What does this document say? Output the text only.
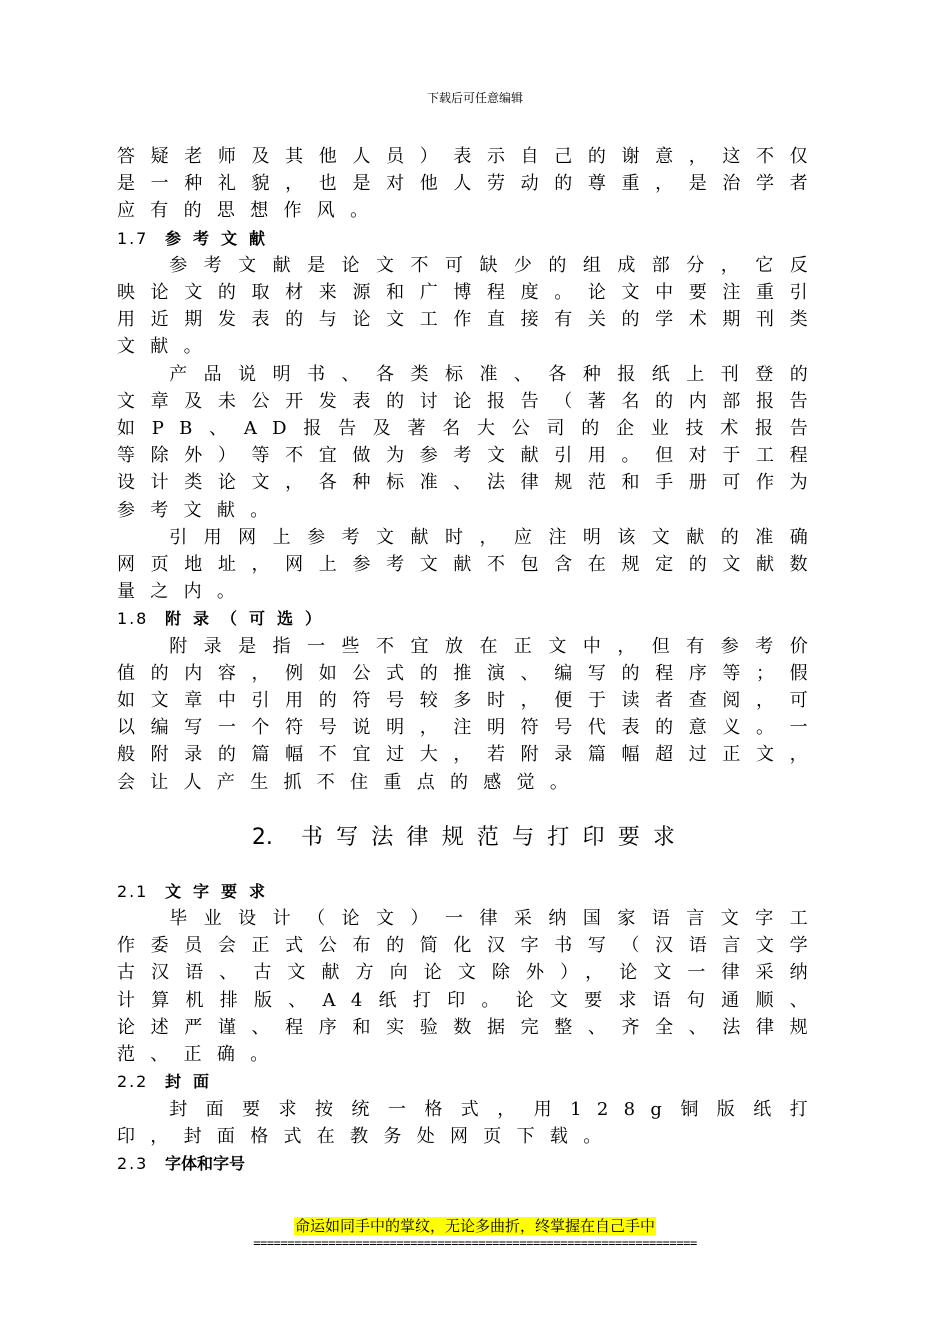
下载后可任意编辑

答疑老师及其他人员）表示自己的谢意，这不仅是一种礼貌，也是对他人劳动的尊重，是治学者应有的思想作风。

1.7 参考文献

参考文献是论文不可缺少的组成部分，它反映论文的取材来源和广博程度。论文中要注重引用近期发表的与论文工作直接有关的学术期刊类文献。

产品说明书、各类标准、各种报纸上刊登的文章及未公开发表的讨论报告（著名的内部报告如PB、AD报告及著名大公司的企业技术报告等除外）等不宜做为参考文献引用。但对于工程设计类论文，各种标准、法律规范和手册可作为参考文献。

引用网上参考文献时，应注明该文献的准确网页地址，网上参考文献不包含在规定的文献数量之内。

1.8 附录（可选）

附录是指一些不宜放在正文中，但有参考价值的内容，例如公式的推演、编写的程序等；假如文章中引用的符号较多时，便于读者查阅，可以编写一个符号说明，注明符号代表的意义。一般附录的篇幅不宜过大，若附录篇幅超过正文，会让人产生抓不住重点的感觉。

2. 书写法律规范与打印要求
2.1 文字要求

毕业设计（论文）一律采纳国家语言文字工作委员会正式公布的简化汉字书写（汉语言文学古汉语、古文献方向论文除外），论文一律采纳计算机排版、A4纸打印。论文要求语句通顺、论述严谨、程序和实验数据完整、齐全、法律规范、正确。

2.2 封面

封面要求按统一格式，用128g铜版纸打印，封面格式在教务处网页下载。

2.3 字体和字号
命运如同手中的掌纹，无论多曲折，终掌握在自己手中
=================================================================
